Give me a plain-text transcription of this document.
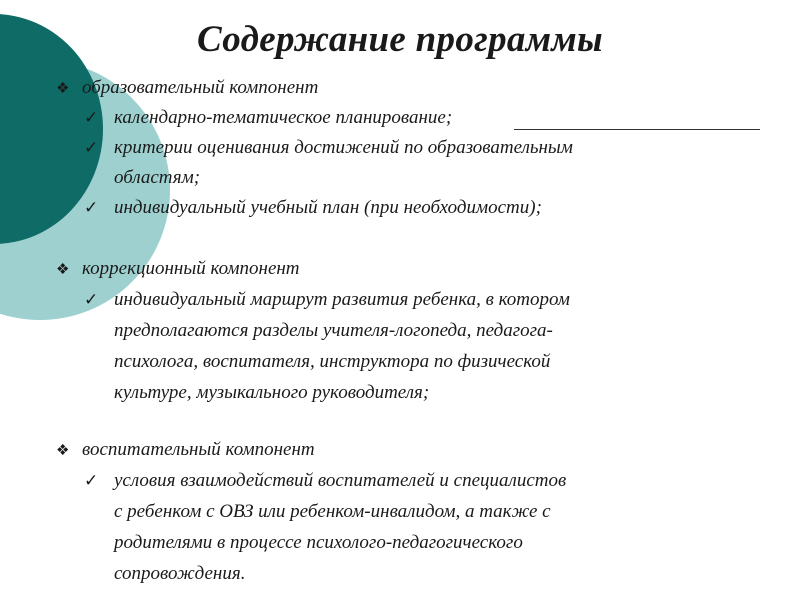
Содержание программы
❖ образовательный компонент
✓ календарно-тематическое планирование;
✓ критерии оценивания достижений по образовательным
областям;
✓ индивидуальный учебный план (при необходимости);
❖ коррекционный компонент
✓ индивидуальный маршрут развития ребенка, в котором
предполагаются разделы учителя-логопеда, педагога-
психолога, воспитателя, инструктора по физической
культуре, музыкального руководителя;
❖ воспитательный компонент
✓ условия взаимодействий воспитателей и специалистов
с ребенком с ОВЗ или ребенком-инвалидом, а также с
родителями в процессе психолого-педагогического
сопровождения.
